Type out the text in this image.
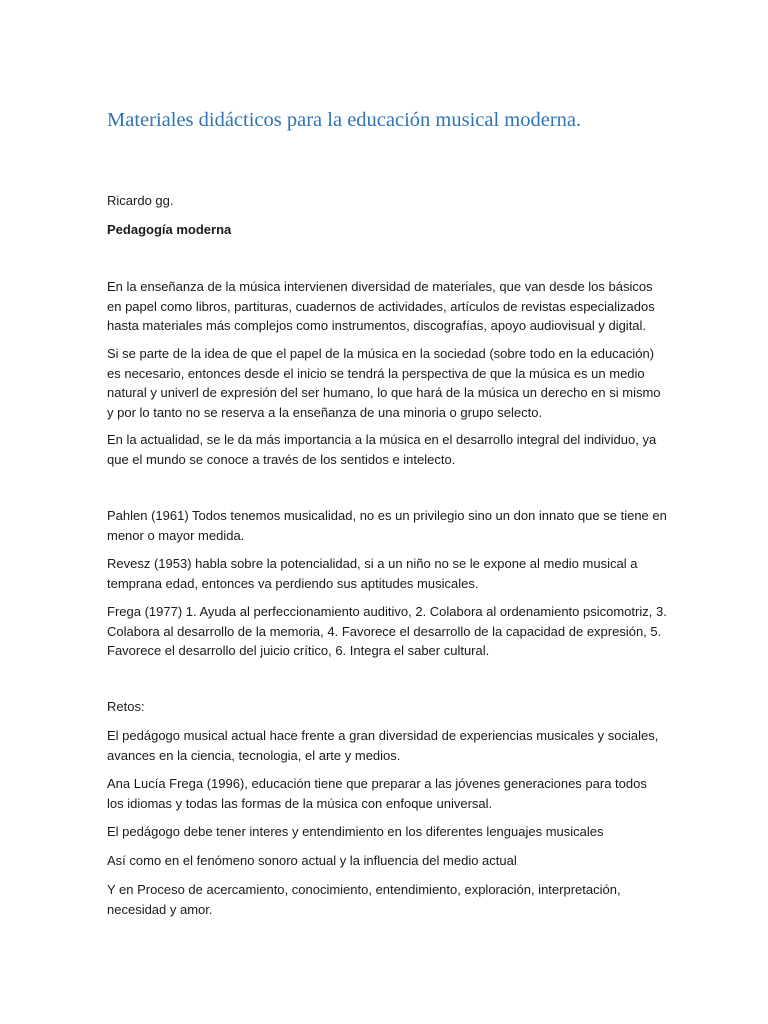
Materiales didácticos para la educación musical moderna.

Ricardo gg.

Pedagogía moderna

En la enseñanza de la música intervienen diversidad de materiales, que van desde los básicos en papel como libros, partituras, cuadernos de actividades, artículos de revistas especializados hasta materiales más complejos como instrumentos, discografías, apoyo audiovisual y digital.

Si se parte de la idea de que el papel de la música en la sociedad (sobre todo en la educación) es necesario, entonces desde el inicio se tendrá la perspectiva de que la música es un medio natural y univerl de expresión del ser humano, lo que hará de la música un derecho en si mismo y por lo tanto no se reserva a la enseñanza de una minoria o grupo selecto.

En la actualidad, se le da más importancia a la música en el desarrollo integral del individuo, ya que el mundo se conoce a través de los sentidos e intelecto.

Pahlen (1961) Todos tenemos musicalidad, no es un privilegio sino un don innato que se tiene en menor o mayor medida.

Revesz (1953) habla sobre la potencialidad, si a un niño no se le expone al medio musical a temprana edad, entonces va perdiendo sus aptitudes musicales.

Frega (1977) 1. Ayuda al perfeccionamiento auditivo, 2. Colabora al ordenamiento psicomotriz, 3. Colabora al desarrollo de la memoria, 4. Favorece el desarrollo de la capacidad de expresión, 5. Favorece el desarrollo del juicio crítico, 6. Integra el saber cultural.

Retos:

El pedágogo musical actual hace frente a gran diversidad de experiencias musicales y sociales, avances en la ciencia, tecnologia, el arte y medios.

Ana Lucía Frega (1996), educación tiene que preparar a las jóvenes generaciones para todos los idiomas y todas las formas de la música con enfoque universal.

El pedágogo debe tener interes y entendimiento en los diferentes lenguajes musicales

Así como en el fenómeno sonoro actual y la influencia del medio actual

Y en Proceso de acercamiento, conocimiento, entendimiento, exploración, interpretación, necesidad y amor.
